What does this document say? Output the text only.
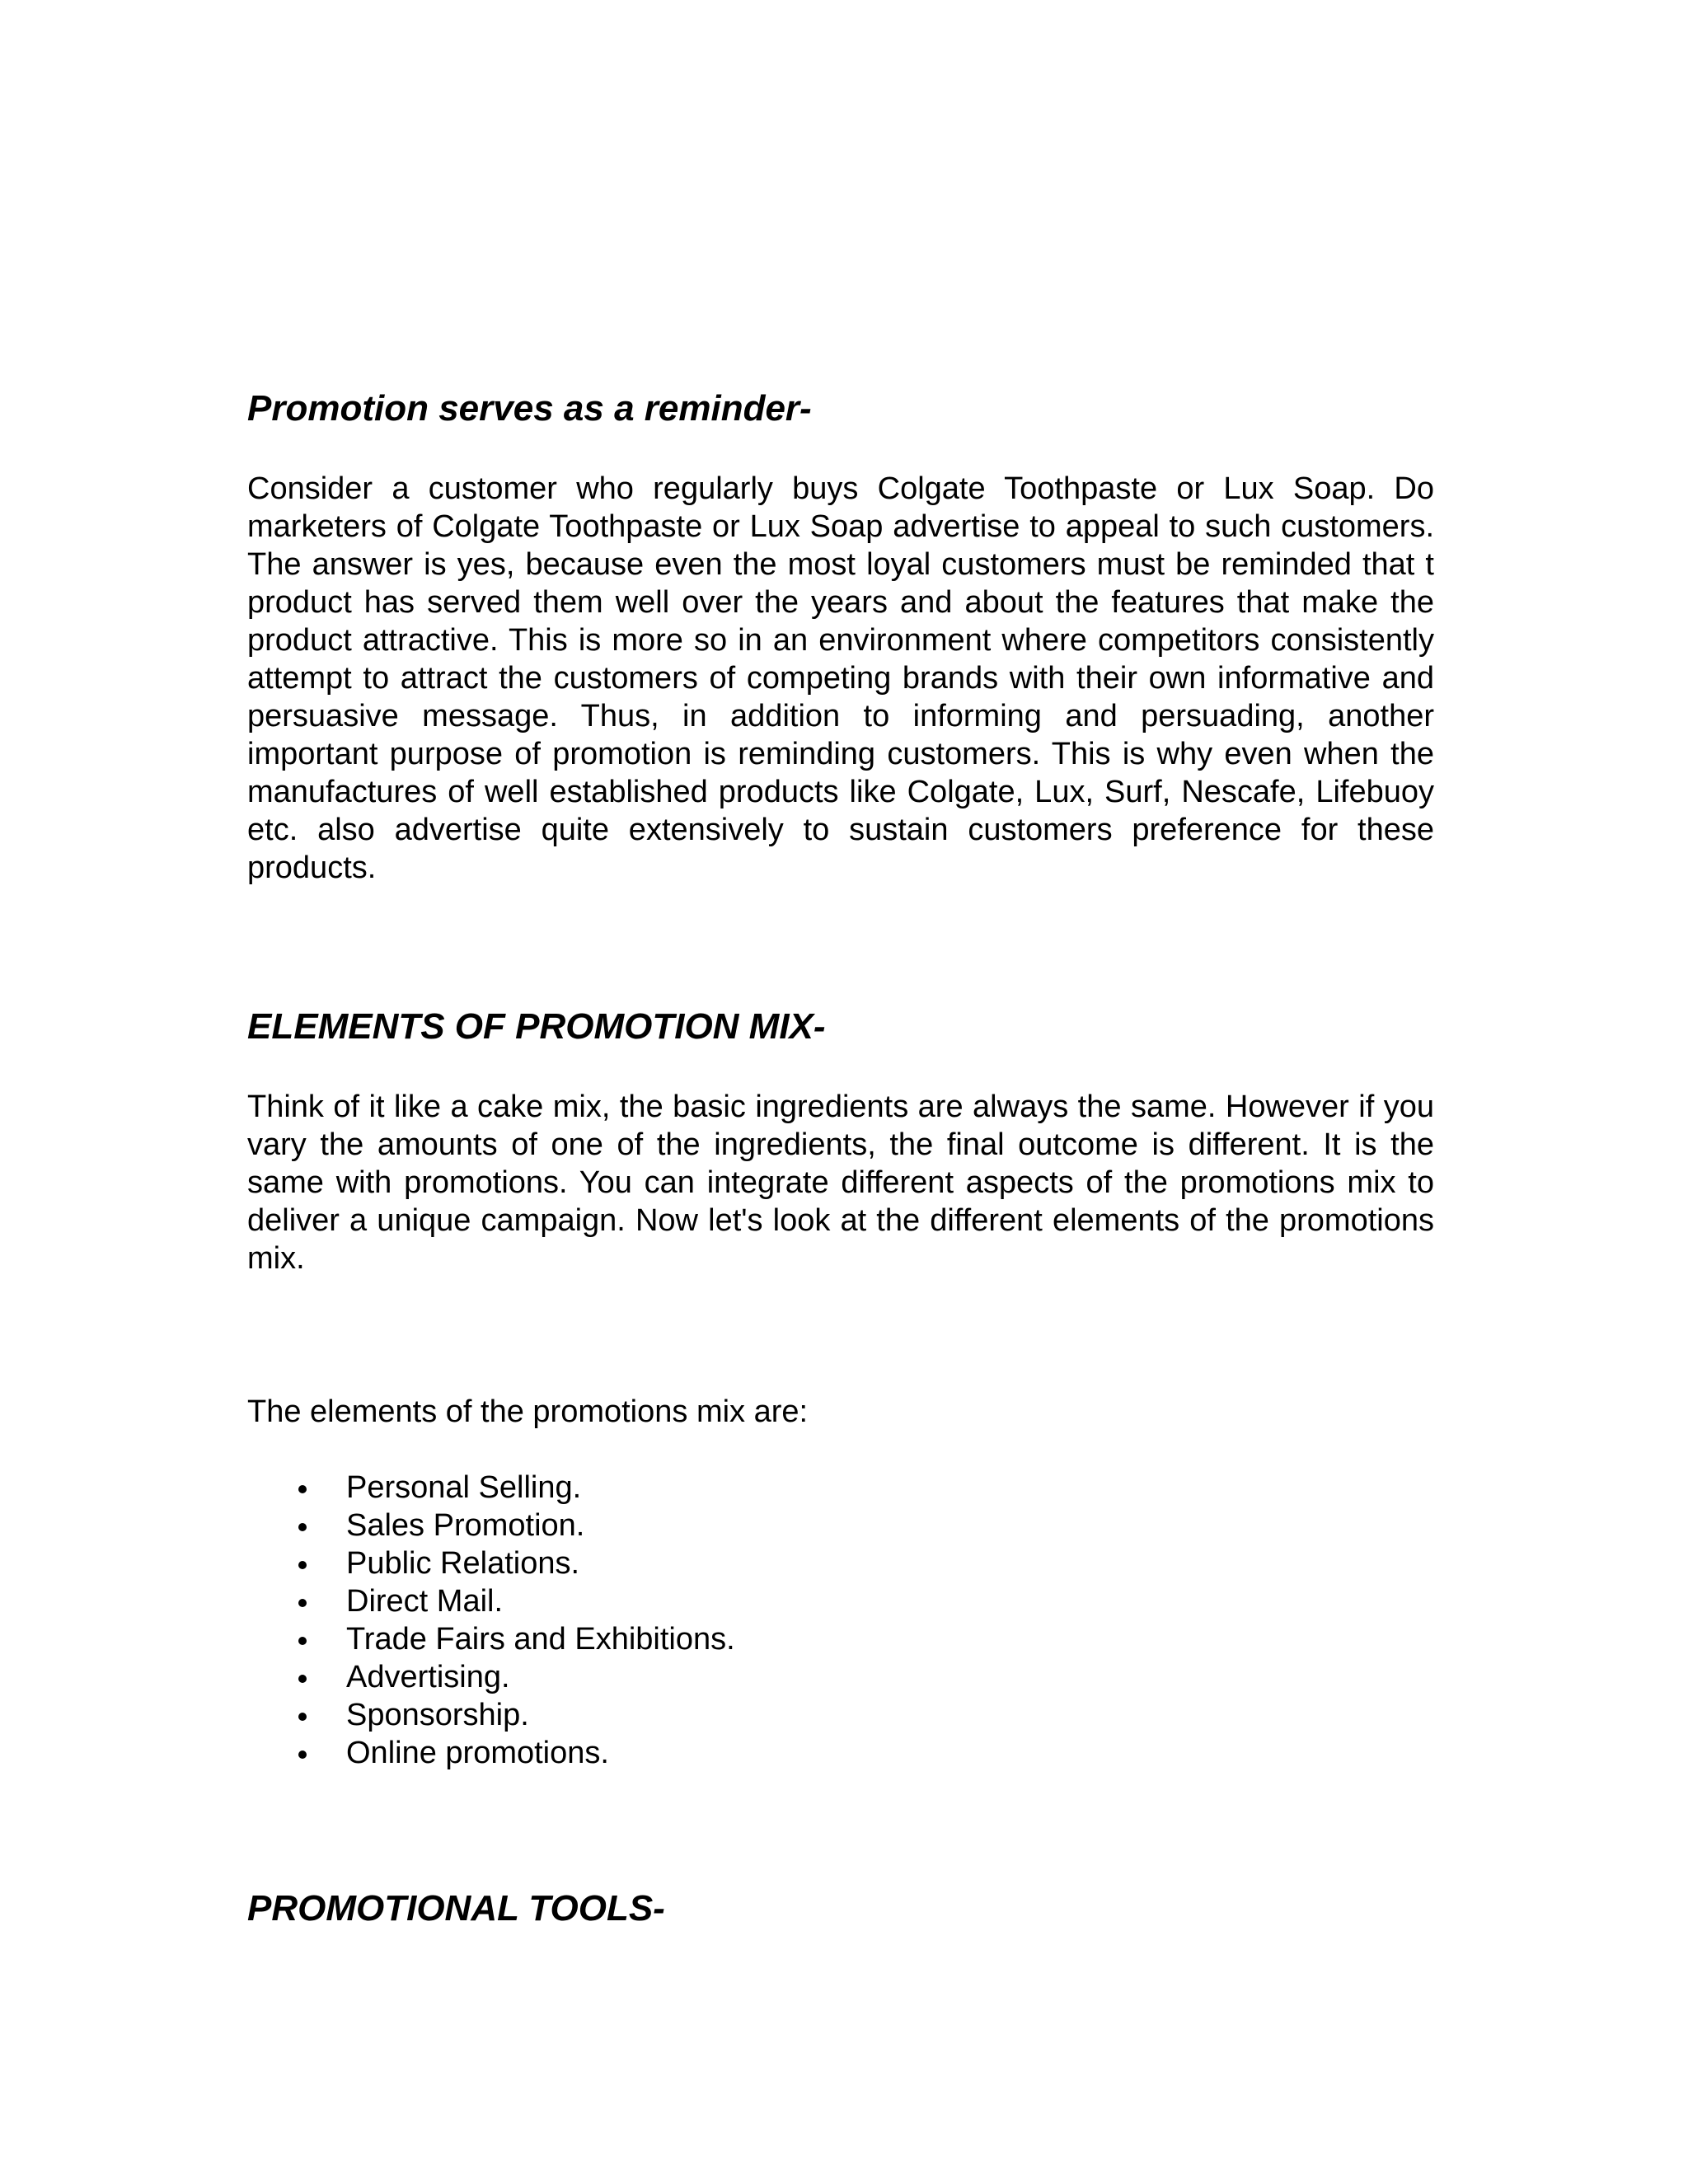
Promotion serves as a reminder-

Consider a customer who regularly buys Colgate Toothpaste or Lux Soap. Do marketers of Colgate Toothpaste or Lux Soap advertise to appeal to such customers. The answer is yes, because even the most loyal customers must be reminded that t product has served them well over the years and about the features that make the product attractive. This is more so in an environment where competitors consistently attempt to attract the customers of competing brands with their own informative and persuasive message. Thus, in addition to informing and persuading, another important purpose of promotion is reminding customers. This is why even when the manufactures of well established products like Colgate, Lux, Surf, Nescafe, Lifebuoy etc. also advertise quite extensively to sustain customers preference for these products.

ELEMENTS OF PROMOTION MIX-

Think of it like a cake mix, the basic ingredients are always the same. However if you vary the amounts of one of the ingredients, the final outcome is different. It is the same with promotions. You can integrate different aspects of the promotions mix to deliver a unique campaign. Now let's look at the different elements of the promotions mix.

The elements of the promotions mix are:

Personal Selling.
Sales Promotion.
Public Relations.
Direct Mail.
Trade Fairs and Exhibitions.
Advertising.
Sponsorship.
Online promotions.
PROMOTIONAL TOOLS-
